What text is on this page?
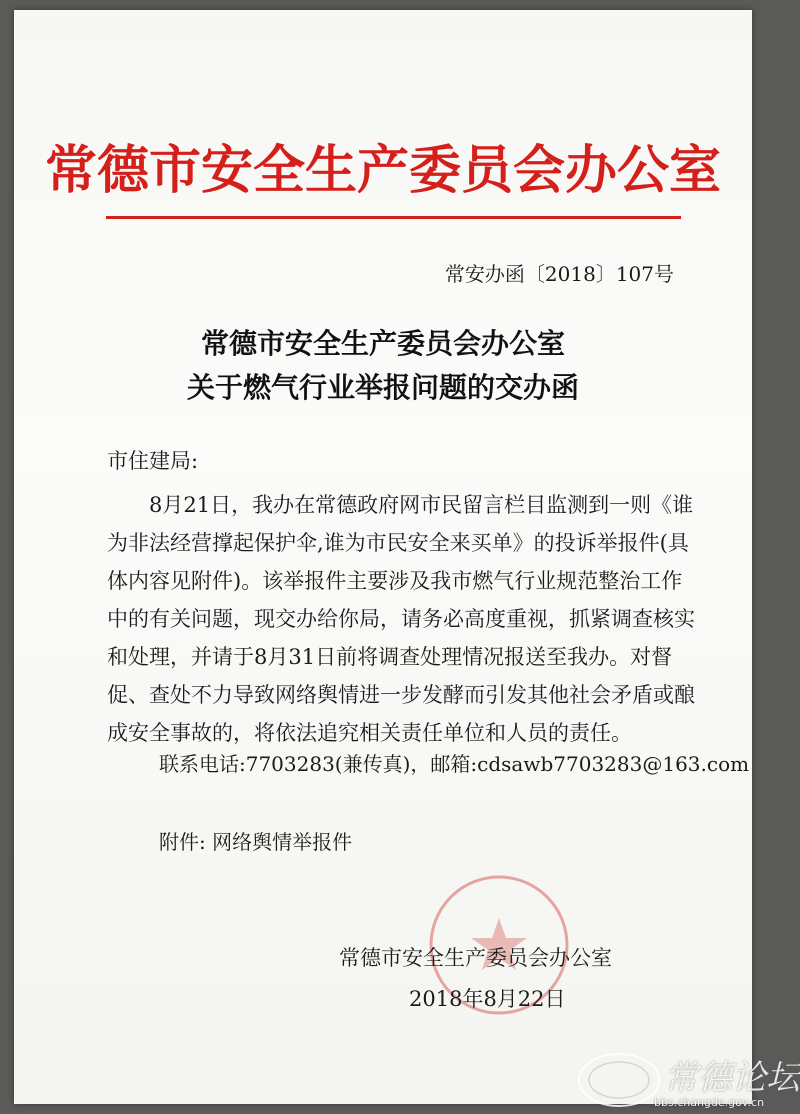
常德市安全生产委员会办公室
常安办函〔2018〕107号
常德市安全生产委员会办公室
关于燃气行业举报问题的交办函
市住建局:
　　8月21日，我办在常德政府网市民留言栏目监测到一则《谁
为非法经营撑起保护伞,谁为市民安全来买单》的投诉举报件(具
体内容见附件)。该举报件主要涉及我市燃气行业规范整治工作
中的有关问题，现交办给你局，请务必高度重视，抓紧调查核实
和处理，并请于8月31日前将调查处理情况报送至我办。对督
促、查处不力导致网络舆情进一步发酵而引发其他社会矛盾或酿
成安全事故的，将依法追究相关责任单位和人员的责任。
联系电话:7703283(兼传真)，邮箱:cdsawb7703283@163.com
附件: 网络舆情举报件
常德市安全生产委员会办公室
2018年8月22日
常德论坛
bbs.changde.gov.cn
